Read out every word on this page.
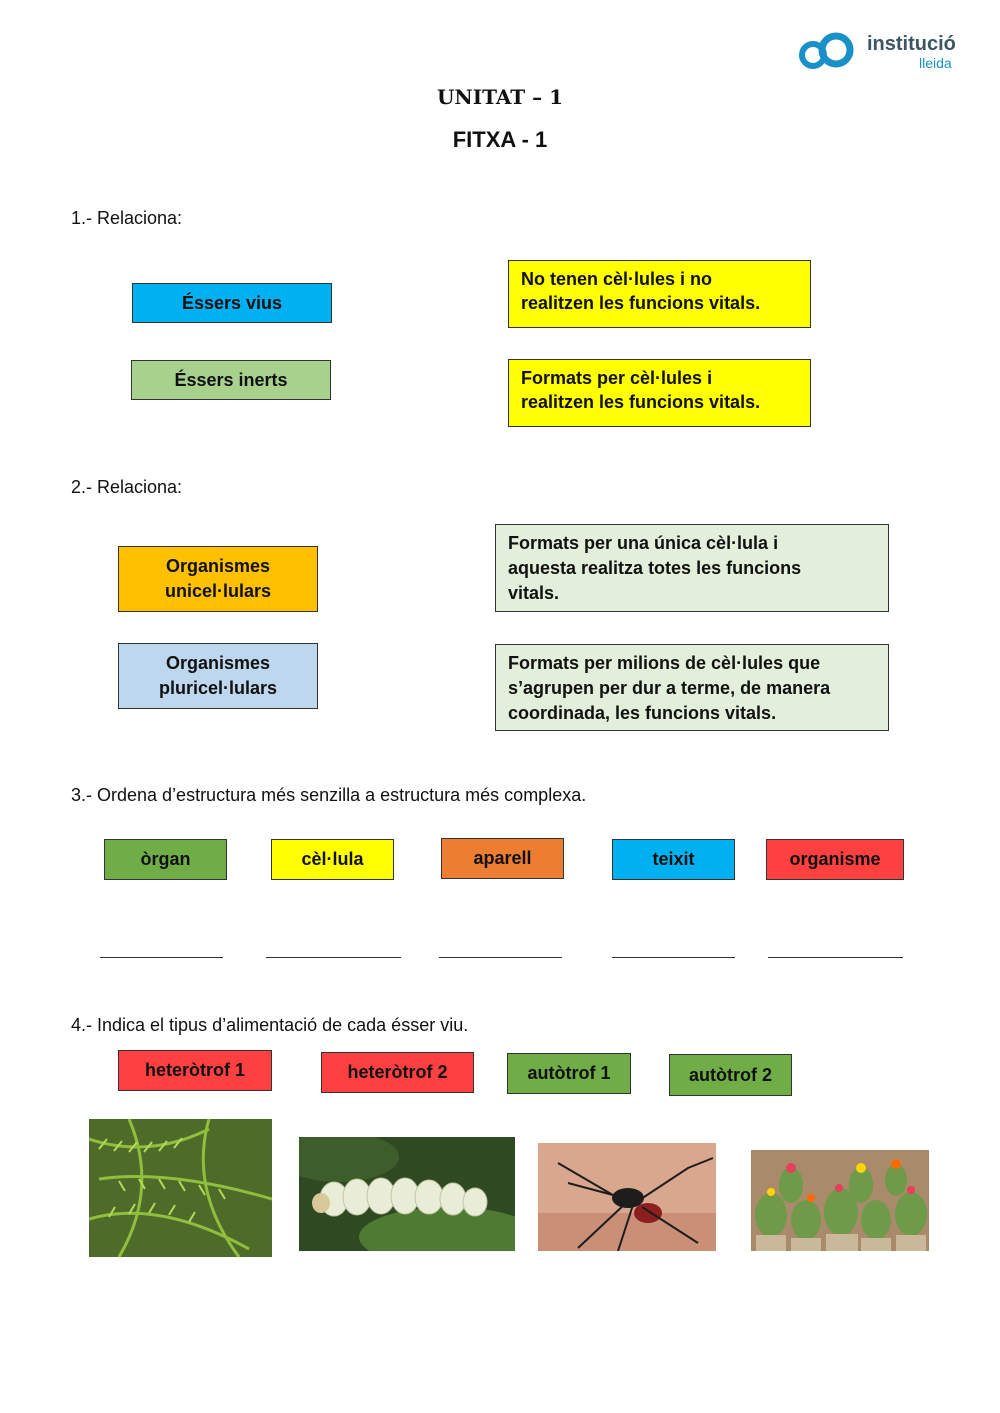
institució
lleida
UNITAT – 1
FITXA - 1
1.- Relaciona:
Éssers vius
Éssers inerts
No tenen cèl·lules i no
realitzen les funcions vitals.
Formats per cèl·lules i
realitzen les funcions vitals.
2.- Relaciona:
Organismes
unicel·lulars
Organismes
pluricel·lulars
Formats per una única cèl·lula i
aquesta realitza totes les funcions
vitals.
Formats per milions de cèl·lules que
s’agrupen per dur a terme, de manera
coordinada, les funcions vitals.
3.- Ordena d’estructura més senzilla a estructura més complexa.
òrgan	cèl·lula	aparell	teixit	organisme
4.- Indica el tipus d’alimentació de cada ésser viu.
heteròtrof 1	heteròtrof 2	autòtrof 1	autòtrof 2
